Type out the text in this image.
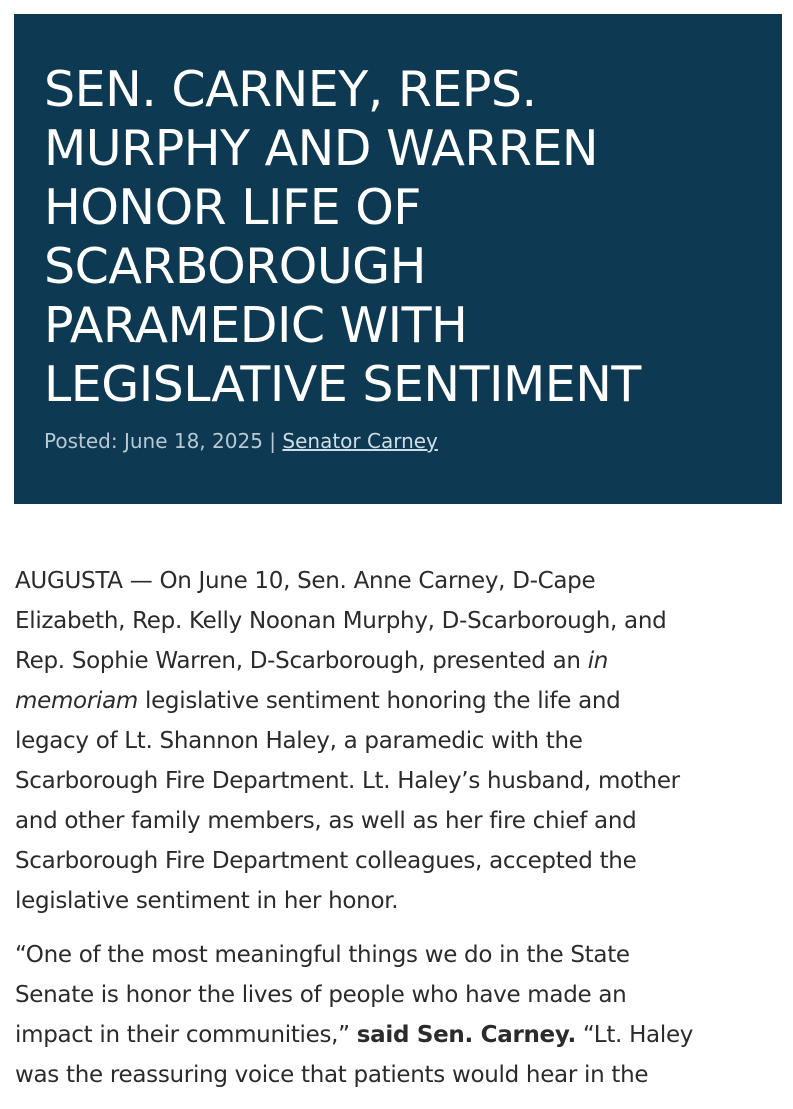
SEN. CARNEY, REPS.
MURPHY AND WARREN
HONOR LIFE OF
SCARBOROUGH
PARAMEDIC WITH
LEGISLATIVE SENTIMENT
Posted: June 18, 2025 | Senator Carney

AUGUSTA — On June 10, Sen. Anne Carney, D-Cape
Elizabeth, Rep. Kelly Noonan Murphy, D-Scarborough, and
Rep. Sophie Warren, D-Scarborough, presented an in
memoriam legislative sentiment honoring the life and
legacy of Lt. Shannon Haley, a paramedic with the
Scarborough Fire Department. Lt. Haley’s husband, mother
and other family members, as well as her fire chief and
Scarborough Fire Department colleagues, accepted the
legislative sentiment in her honor.

“One of the most meaningful things we do in the State
Senate is honor the lives of people who have made an
impact in their communities,” said Sen. Carney. “Lt. Haley
was the reassuring voice that patients would hear in the
